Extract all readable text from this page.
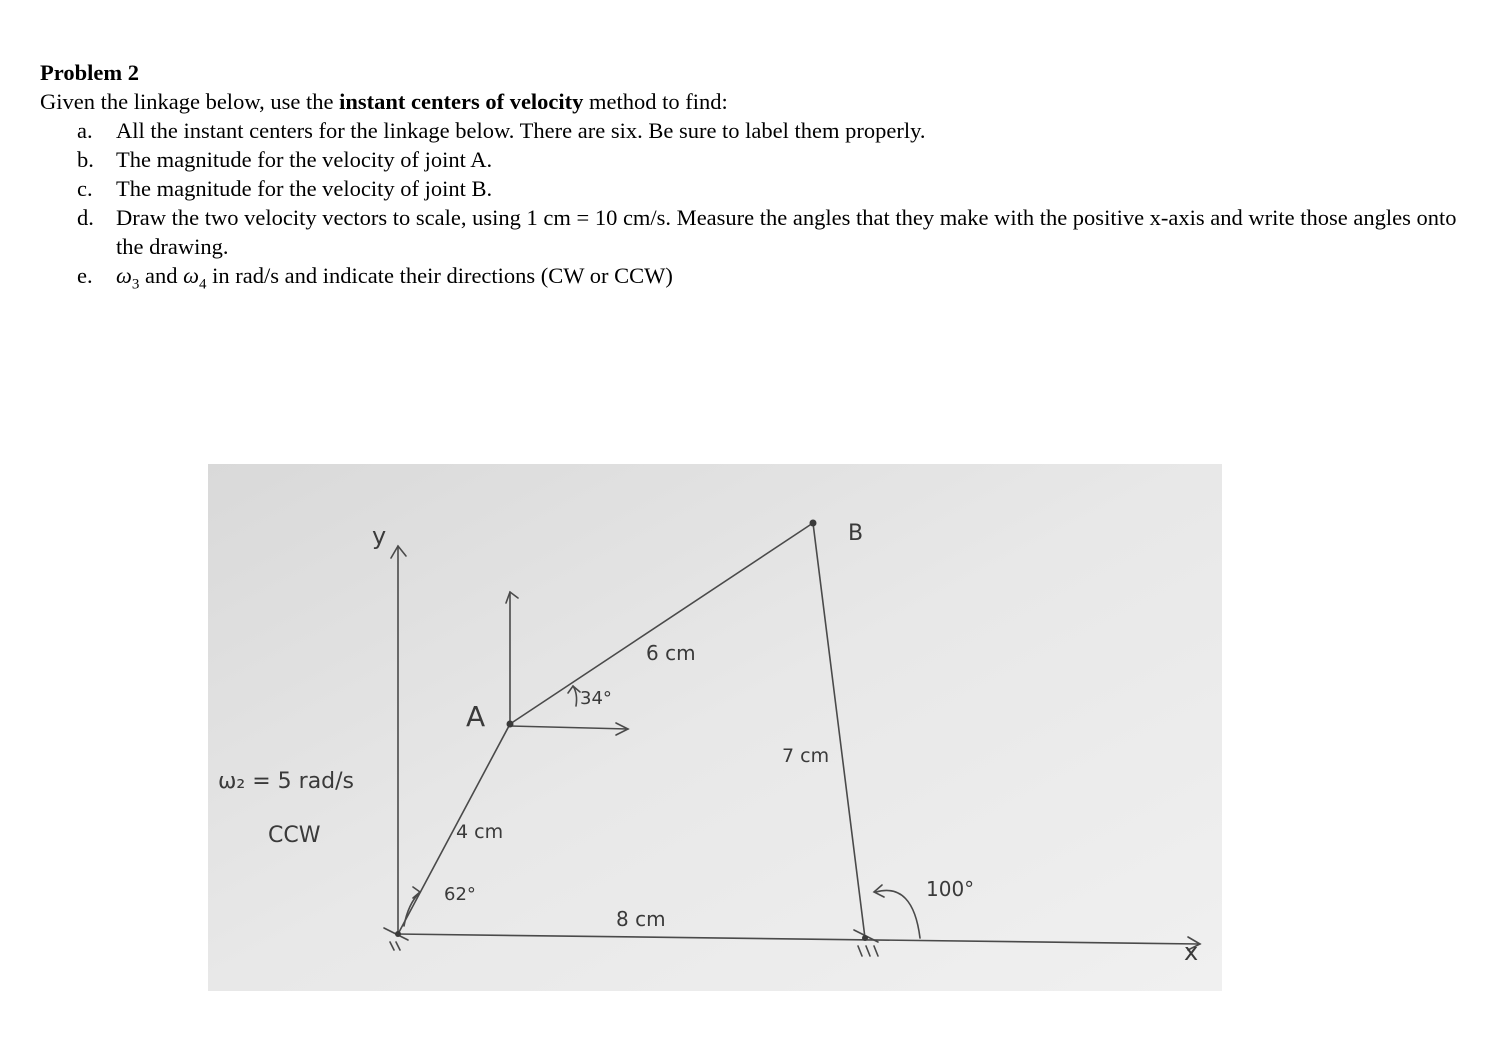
Problem 2
Given the linkage below, use the instant centers of velocity method to find:
a. All the instant centers for the linkage below. There are six. Be sure to label them properly.
b. The magnitude for the velocity of joint A.
c. The magnitude for the velocity of joint B.
d. Draw the two velocity vectors to scale, using 1 cm = 10 cm/s. Measure the angles that they make with the positive x-axis and write those angles onto the drawing.
e. $\omega_3$ and $\omega_4$ in rad/s and indicate their directions (CW or CCW)
y
x
A
B
6 cm
7 cm
4 cm
8 cm
62°
34°
100°
ω₂ = 5 rad/s
CCW
